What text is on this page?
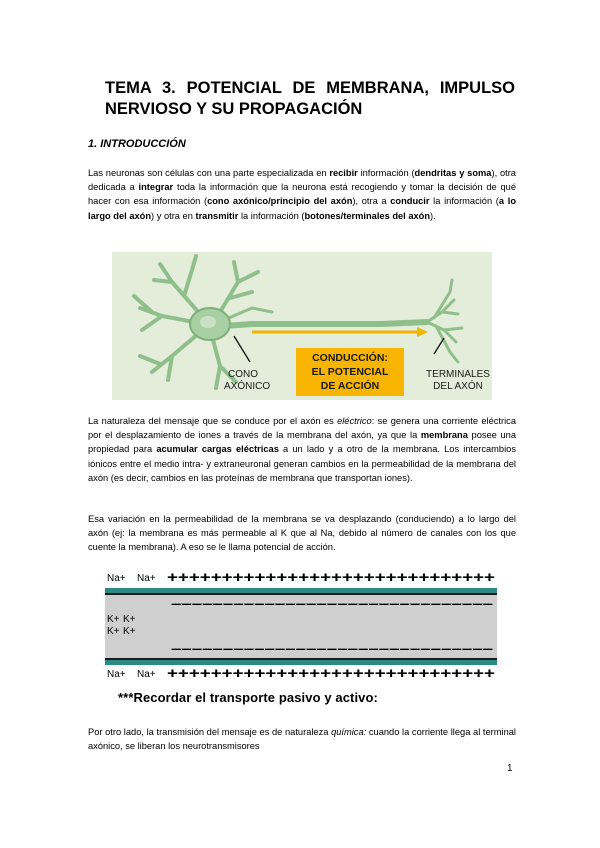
TEMA 3. POTENCIAL DE MEMBRANA, IMPULSO
NERVIOSO Y SU PROPAGACIÓN
1. INTRODUCCIÓN
Las neuronas son células con una parte especializada en recibir información (dendritas y soma), otra dedicada a integrar toda la información que la neurona está recogiendo y tomar la decisión de qué hacer con esa información (cono axónico/principio del axón), otra a conducir la información (a lo largo del axón) y otra en transmitir la información (botones/terminales del axón).
CONO
AXÓNICO
CONDUCCIÓN:
EL POTENCIAL
DE ACCIÓN
TERMINALES
DEL AXÓN
La naturaleza del mensaje que se conduce por el axón es eléctrico: se genera una corriente eléctrica por el desplazamiento de iones a través de la membrana del axón, ya que la membrana posee una propiedad para acumular cargas eléctricas a un lado y a otro de la membrana. Los intercambios iónicos entre el medio intra- y extraneuronal generan cambios en la permeabilidad de la membrana del axón (es decir, cambios en las proteínas de membrana que transportan iones).
Esa variación en la permeabilidad de la membrana se va desplazando (conduciendo) a lo largo del axón (ej: la membrana es más permeable al K que al Na, debido al número de canales con los que cuente la membrana). A eso se le llama potencial de acción.
Na+ Na+ ++++++++++++++++++++++++++++++
–––––––––––––––––––––––––––––––
K+ K+
K+ K+
–––––––––––––––––––––––––––––––
Na+ Na+ ++++++++++++++++++++++++++++++
***Recordar el transporte pasivo y activo:
Por otro lado, la transmisión del mensaje es de naturaleza química: cuando la corriente llega al terminal axónico, se liberan los neurotransmisores
1
